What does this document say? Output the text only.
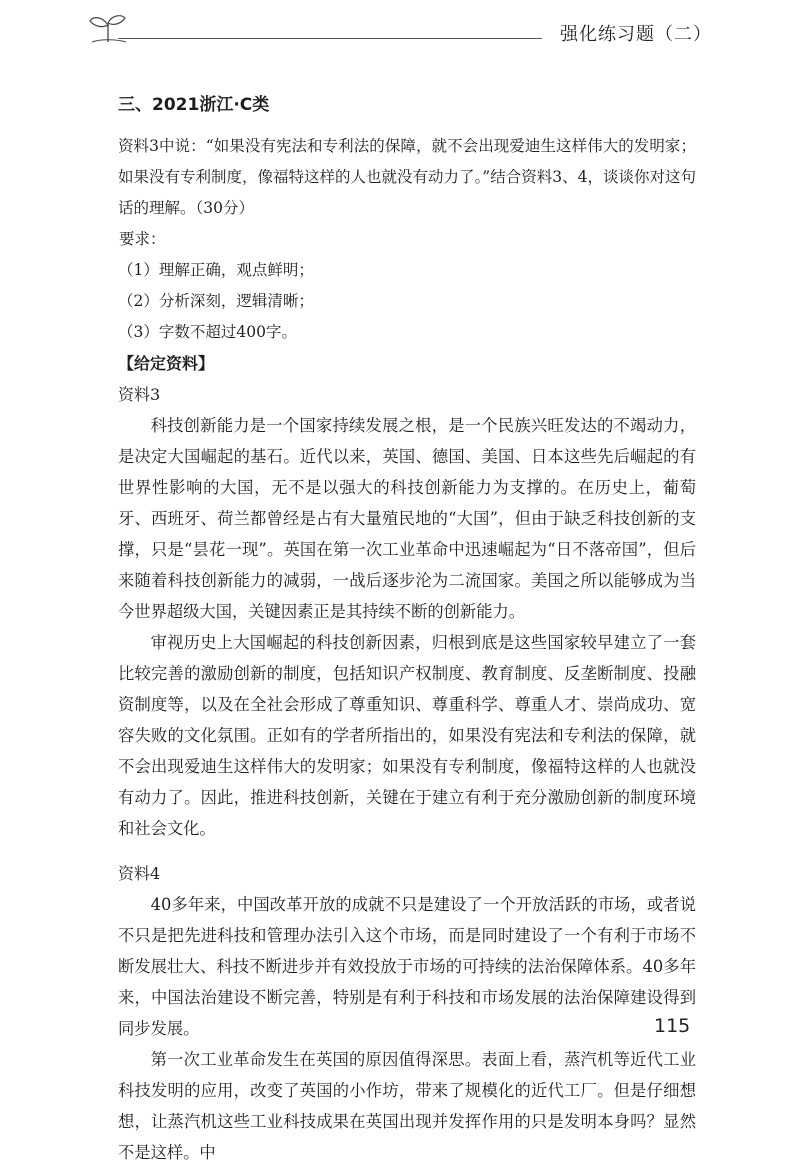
强化练习题（二）
三、2021浙江·C类

资料3中说：“如果没有宪法和专利法的保障，就不会出现爱迪生这样伟大的发明家；如果没有专利制度，像福特这样的人也就没有动力了。”结合资料3、4，谈谈你对这句话的理解。（30分）

要求：

（1）理解正确，观点鲜明；

（2）分析深刻，逻辑清晰；

（3）字数不超过400字。

【给定资料】

资料3

科技创新能力是一个国家持续发展之根，是一个民族兴旺发达的不竭动力，是决定大国崛起的基石。近代以来，英国、德国、美国、日本这些先后崛起的有世界性影响的大国，无不是以强大的科技创新能力为支撑的。在历史上，葡萄牙、西班牙、荷兰都曾经是占有大量殖民地的“大国”，但由于缺乏科技创新的支撑，只是“昙花一现”。英国在第一次工业革命中迅速崛起为“日不落帝国”，但后来随着科技创新能力的减弱，一战后逐步沦为二流国家。美国之所以能够成为当今世界超级大国，关键因素正是其持续不断的创新能力。

审视历史上大国崛起的科技创新因素，归根到底是这些国家较早建立了一套比较完善的激励创新的制度，包括知识产权制度、教育制度、反垄断制度、投融资制度等，以及在全社会形成了尊重知识、尊重科学、尊重人才、崇尚成功、宽容失败的文化氛围。正如有的学者所指出的，如果没有宪法和专利法的保障，就不会出现爱迪生这样伟大的发明家；如果没有专利制度，像福特这样的人也就没有动力了。因此，推进科技创新，关键在于建立有利于充分激励创新的制度环境和社会文化。

资料4

40多年来，中国改革开放的成就不只是建设了一个开放活跃的市场，或者说不只是把先进科技和管理办法引入这个市场，而是同时建设了一个有利于市场不断发展壮大、科技不断进步并有效投放于市场的可持续的法治保障体系。40多年来，中国法治建设不断完善，特别是有利于科技和市场发展的法治保障建设得到同步发展。

第一次工业革命发生在英国的原因值得深思。表面上看，蒸汽机等近代工业科技发明的应用，改变了英国的小作坊，带来了规模化的近代工厂。但是仔细想想，让蒸汽机这些工业科技成果在英国出现并发挥作用的只是发明本身吗？显然不是这样。中

115
